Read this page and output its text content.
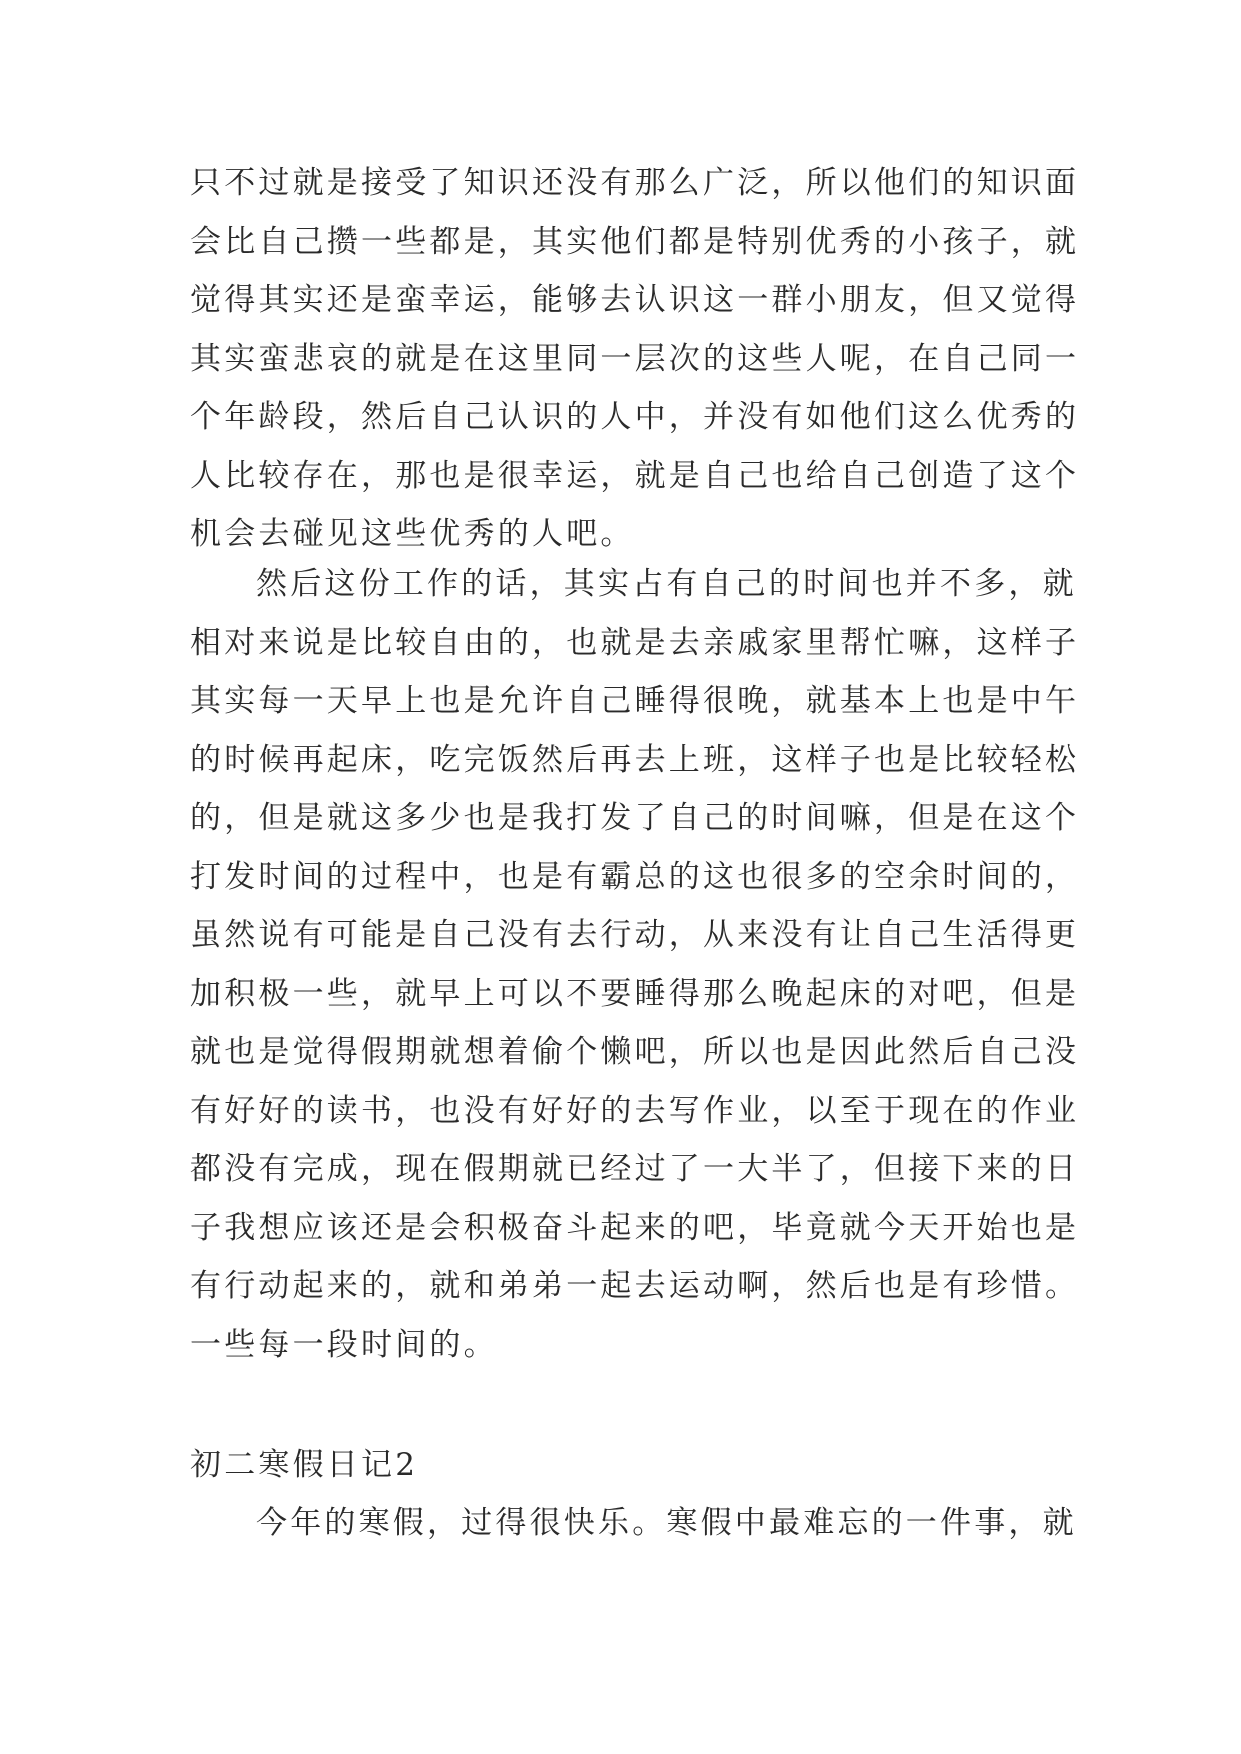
只不过就是接受了知识还没有那么广泛，所以他们的知识面
会比自己攒一些都是，其实他们都是特别优秀的小孩子，就
觉得其实还是蛮幸运，能够去认识这一群小朋友，但又觉得
其实蛮悲哀的就是在这里同一层次的这些人呢，在自己同一
个年龄段，然后自己认识的人中，并没有如他们这么优秀的
人比较存在，那也是很幸运，就是自己也给自己创造了这个
机会去碰见这些优秀的人吧。
然后这份工作的话，其实占有自己的时间也并不多，就
相对来说是比较自由的，也就是去亲戚家里帮忙嘛，这样子
其实每一天早上也是允许自己睡得很晚，就基本上也是中午
的时候再起床，吃完饭然后再去上班，这样子也是比较轻松
的，但是就这多少也是我打发了自己的时间嘛，但是在这个
打发时间的过程中，也是有霸总的这也很多的空余时间的，
虽然说有可能是自己没有去行动，从来没有让自己生活得更
加积极一些，就早上可以不要睡得那么晚起床的对吧，但是
就也是觉得假期就想着偷个懒吧，所以也是因此然后自己没
有好好的读书，也没有好好的去写作业，以至于现在的作业
都没有完成，现在假期就已经过了一大半了，但接下来的日
子我想应该还是会积极奋斗起来的吧，毕竟就今天开始也是
有行动起来的，就和弟弟一起去运动啊，然后也是有珍惜。
一些每一段时间的。
初二寒假日记2
今年的寒假，过得很快乐。寒假中最难忘的一件事，就
